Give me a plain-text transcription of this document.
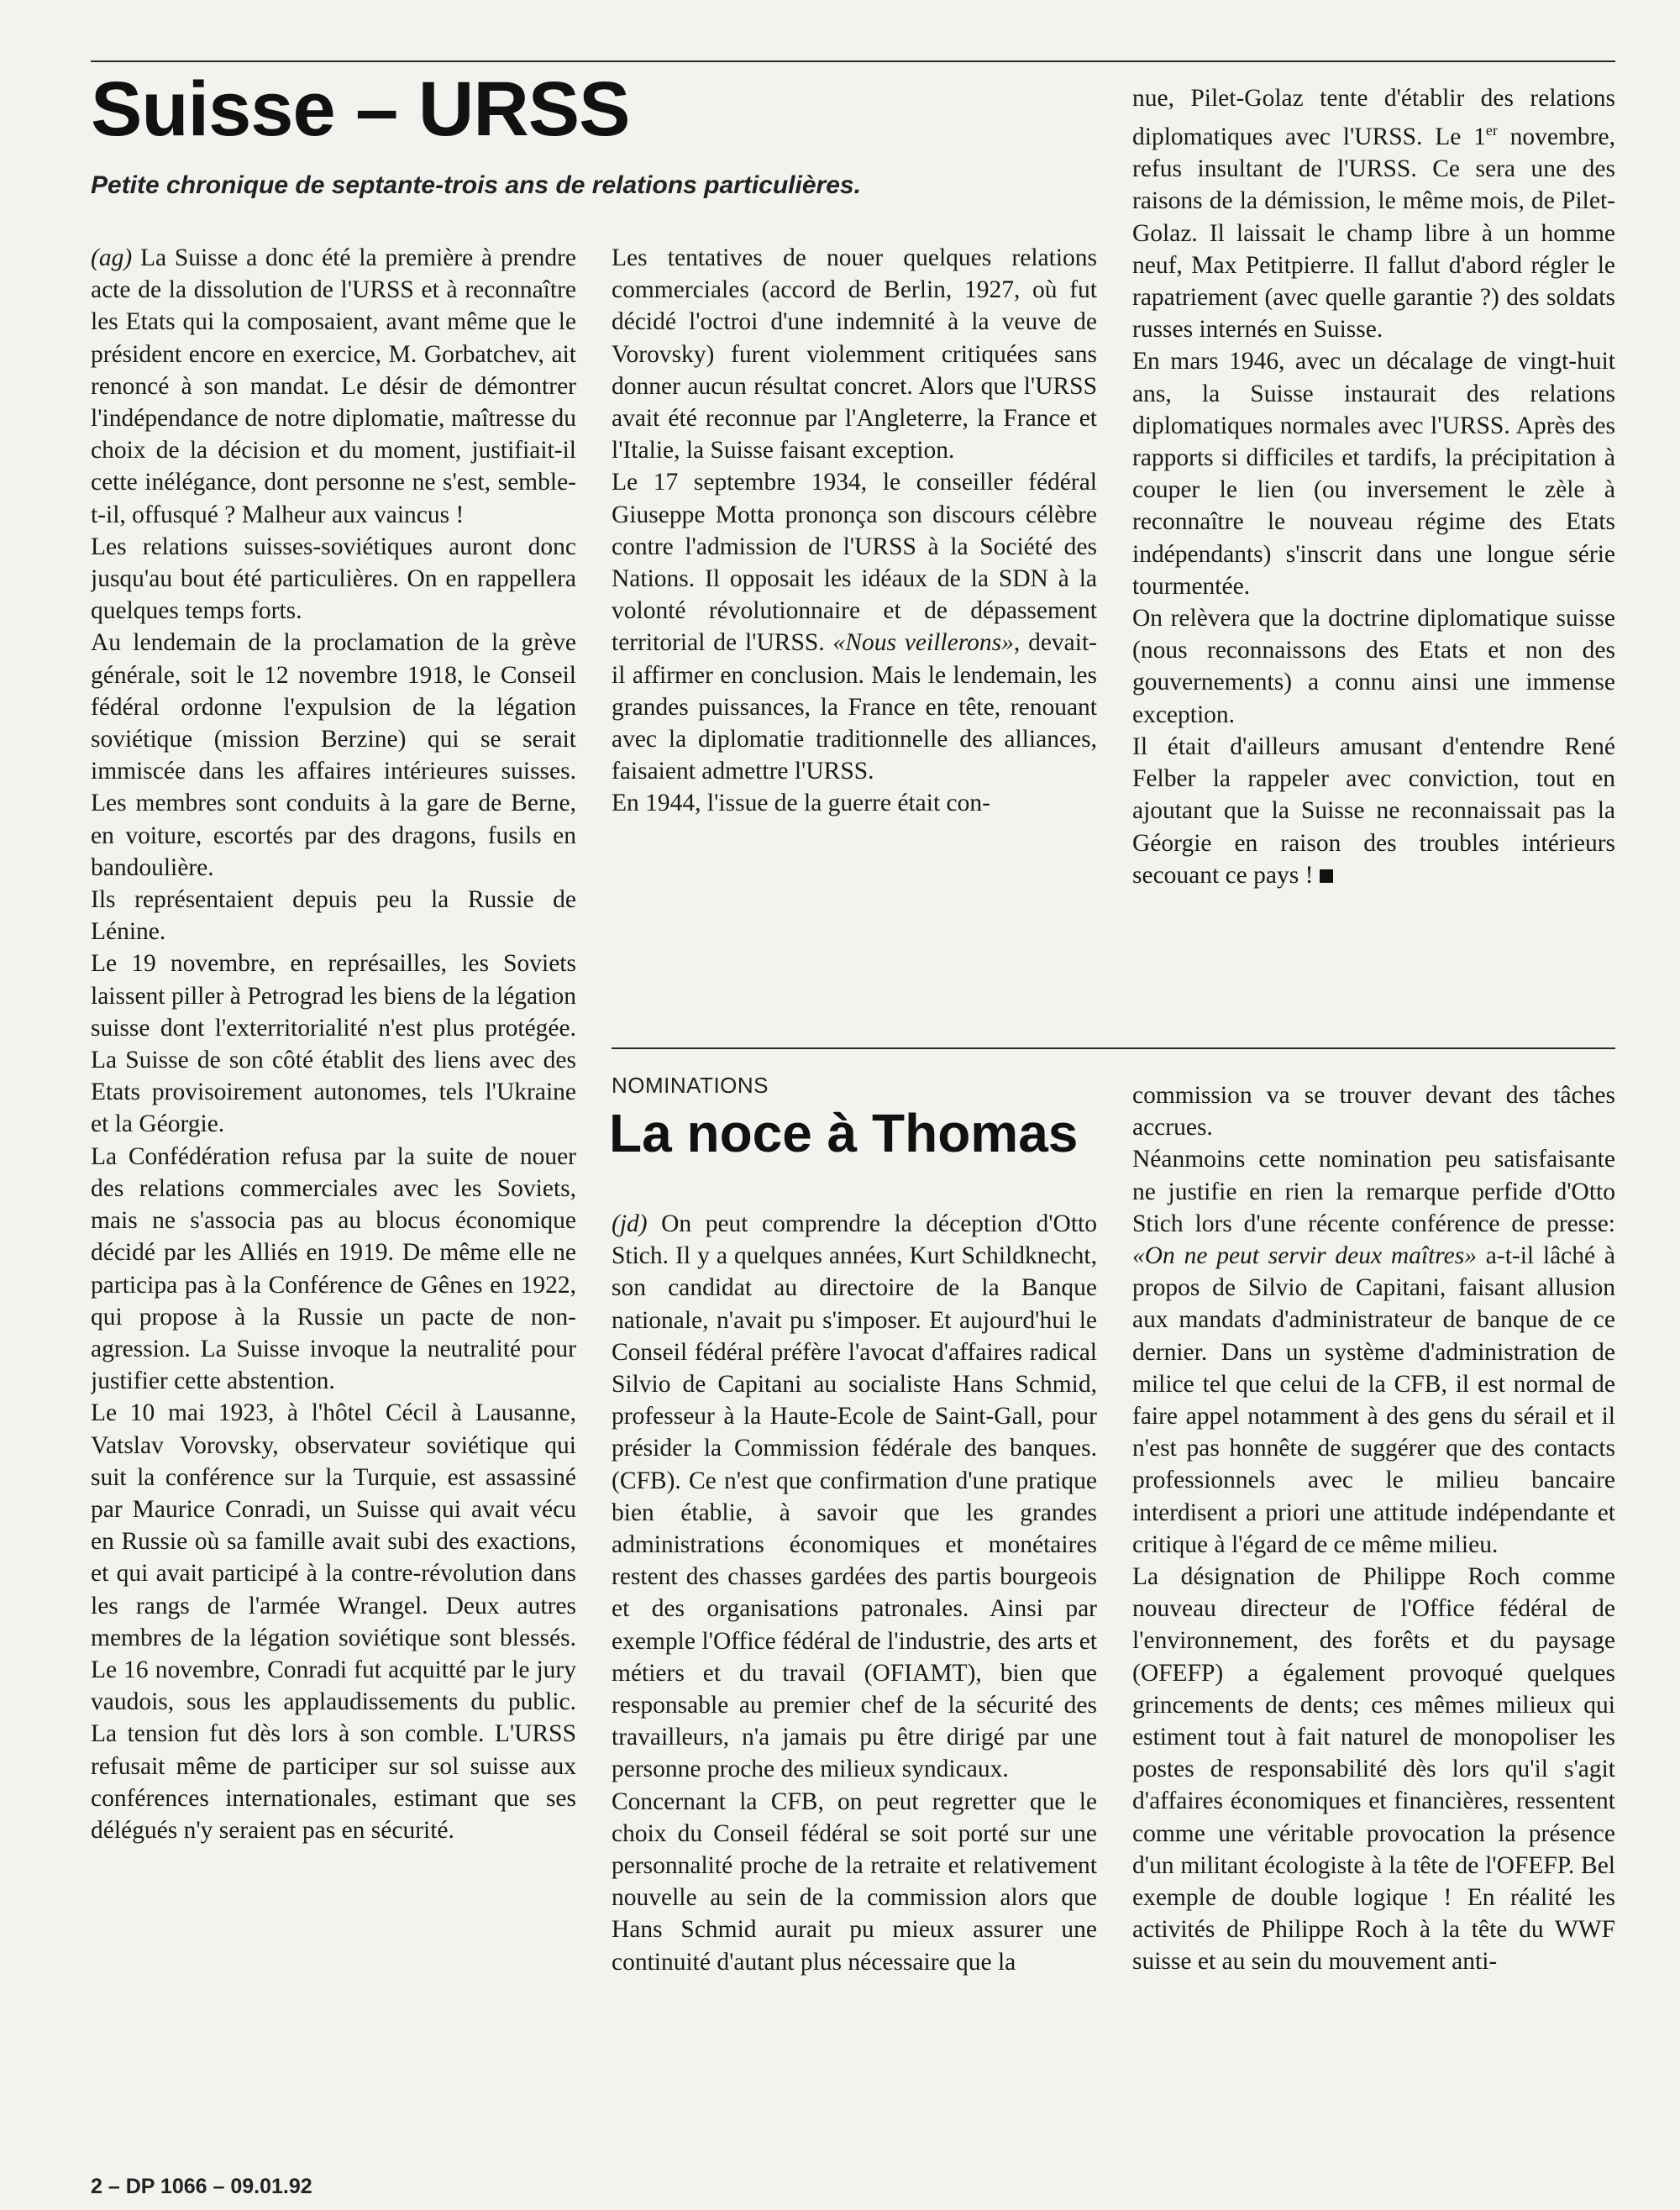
Suisse – URSS
Petite chronique de septante-trois ans de relations particulières.

(ag) La Suisse a donc été la première à prendre acte de la dissolution de l'URSS et à reconnaître les Etats qui la composaient, avant même que le président encore en exercice, M. Gorbatchev, ait renoncé à son mandat. Le désir de démontrer l'indépendance de notre diplomatie, maîtresse du choix de la décision et du moment, justifiait-il cette inélégance, dont personne ne s'est, semble-t-il, offusqué ? Malheur aux vaincus !

Les relations suisses-soviétiques auront donc jusqu'au bout été particulières. On en rappellera quelques temps forts.

Au lendemain de la proclamation de la grève générale, soit le 12 novembre 1918, le Conseil fédéral ordonne l'expulsion de la légation soviétique (mission Berzine) qui se serait immiscée dans les affaires intérieures suisses. Les membres sont conduits à la gare de Berne, en voiture, escortés par des dragons, fusils en bandoulière.

Ils représentaient depuis peu la Russie de Lénine.

Le 19 novembre, en représailles, les Soviets laissent piller à Petrograd les biens de la légation suisse dont l'exterritorialité n'est plus protégée. La Suisse de son côté établit des liens avec des Etats provisoirement autonomes, tels l'Ukraine et la Géorgie.

La Confédération refusa par la suite de nouer des relations commerciales avec les Soviets, mais ne s'associa pas au blocus économique décidé par les Alliés en 1919. De même elle ne participa pas à la Conférence de Gênes en 1922, qui propose à la Russie un pacte de non-agression. La Suisse invoque la neutralité pour justifier cette abstention.

Le 10 mai 1923, à l'hôtel Cécil à Lausanne, Vatslav Vorovsky, observateur soviétique qui suit la conférence sur la Turquie, est assassiné par Maurice Conradi, un Suisse qui avait vécu en Russie où sa famille avait subi des exactions, et qui avait participé à la contre-révolution dans les rangs de l'armée Wrangel. Deux autres membres de la légation soviétique sont blessés. Le 16 novembre, Conradi fut acquitté par le jury vaudois, sous les applaudissements du public. La tension fut dès lors à son comble. L'URSS refusait même de participer sur sol suisse aux conférences internationales, estimant que ses délégués n'y seraient pas en sécurité.

Les tentatives de nouer quelques relations commerciales (accord de Berlin, 1927, où fut décidé l'octroi d'une indemnité à la veuve de Vorovsky) furent violemment critiquées sans donner aucun résultat concret. Alors que l'URSS avait été reconnue par l'Angleterre, la France et l'Italie, la Suisse faisant exception.

Le 17 septembre 1934, le conseiller fédéral Giuseppe Motta prononça son discours célèbre contre l'admission de l'URSS à la Société des Nations. Il opposait les idéaux de la SDN à la volonté révolutionnaire et de dépassement territorial de l'URSS. «Nous veillerons», devait-il affirmer en conclusion. Mais le lendemain, les grandes puissances, la France en tête, renouant avec la diplomatie traditionnelle des alliances, faisaient admettre l'URSS.

En 1944, l'issue de la guerre était con-

nue, Pilet-Golaz tente d'établir des relations diplomatiques avec l'URSS. Le 1er novembre, refus insultant de l'URSS. Ce sera une des raisons de la démission, le même mois, de Pilet-Golaz. Il laissait le champ libre à un homme neuf, Max Petitpierre. Il fallut d'abord régler le rapatriement (avec quelle garantie ?) des soldats russes internés en Suisse.

En mars 1946, avec un décalage de vingt-huit ans, la Suisse instaurait des relations diplomatiques normales avec l'URSS. Après des rapports si difficiles et tardifs, la précipitation à couper le lien (ou inversement le zèle à reconnaître le nouveau régime des Etats indépendants) s'inscrit dans une longue série tourmentée.

On relèvera que la doctrine diplomatique suisse (nous reconnaissons des Etats et non des gouvernements) a connu ainsi une immense exception.

Il était d'ailleurs amusant d'entendre René Felber la rappeler avec conviction, tout en ajoutant que la Suisse ne reconnaissait pas la Géorgie en raison des troubles intérieurs secouant ce pays !

NOMINATIONS
La noce à Thomas

(jd) On peut comprendre la déception d'Otto Stich. Il y a quelques années, Kurt Schildknecht, son candidat au directoire de la Banque nationale, n'avait pu s'imposer. Et aujourd'hui le Conseil fédéral préfère l'avocat d'affaires radical Silvio de Capitani au socialiste Hans Schmid, professeur à la Haute-Ecole de Saint-Gall, pour présider la Commission fédérale des banques. (CFB). Ce n'est que confirmation d'une pratique bien établie, à savoir que les grandes administrations économiques et monétaires restent des chasses gardées des partis bourgeois et des organisations patronales. Ainsi par exemple l'Office fédéral de l'industrie, des arts et métiers et du travail (OFIAMT), bien que responsable au premier chef de la sécurité des travailleurs, n'a jamais pu être dirigé par une personne proche des milieux syndicaux.

Concernant la CFB, on peut regretter que le choix du Conseil fédéral se soit porté sur une personnalité proche de la retraite et relativement nouvelle au sein de la commission alors que Hans Schmid aurait pu mieux assurer une continuité d'autant plus nécessaire que la

commission va se trouver devant des tâches accrues.

Néanmoins cette nomination peu satisfaisante ne justifie en rien la remarque perfide d'Otto Stich lors d'une récente conférence de presse: «On ne peut servir deux maîtres» a-t-il lâché à propos de Silvio de Capitani, faisant allusion aux mandats d'administrateur de banque de ce dernier. Dans un système d'administration de milice tel que celui de la CFB, il est normal de faire appel notamment à des gens du sérail et il n'est pas honnête de suggérer que des contacts professionnels avec le milieu bancaire interdisent a priori une attitude indépendante et critique à l'égard de ce même milieu.

La désignation de Philippe Roch comme nouveau directeur de l'Office fédéral de l'environnement, des forêts et du paysage (OFEFP) a également provoqué quelques grincements de dents; ces mêmes milieux qui estiment tout à fait naturel de monopoliser les postes de responsabilité dès lors qu'il s'agit d'affaires économiques et financières, ressentent comme une véritable provocation la présence d'un militant écologiste à la tête de l'OFEFP. Bel exemple de double logique ! En réalité les activités de Philippe Roch à la tête du WWF suisse et au sein du mouvement anti-

2 – DP 1066 – 09.01.92
